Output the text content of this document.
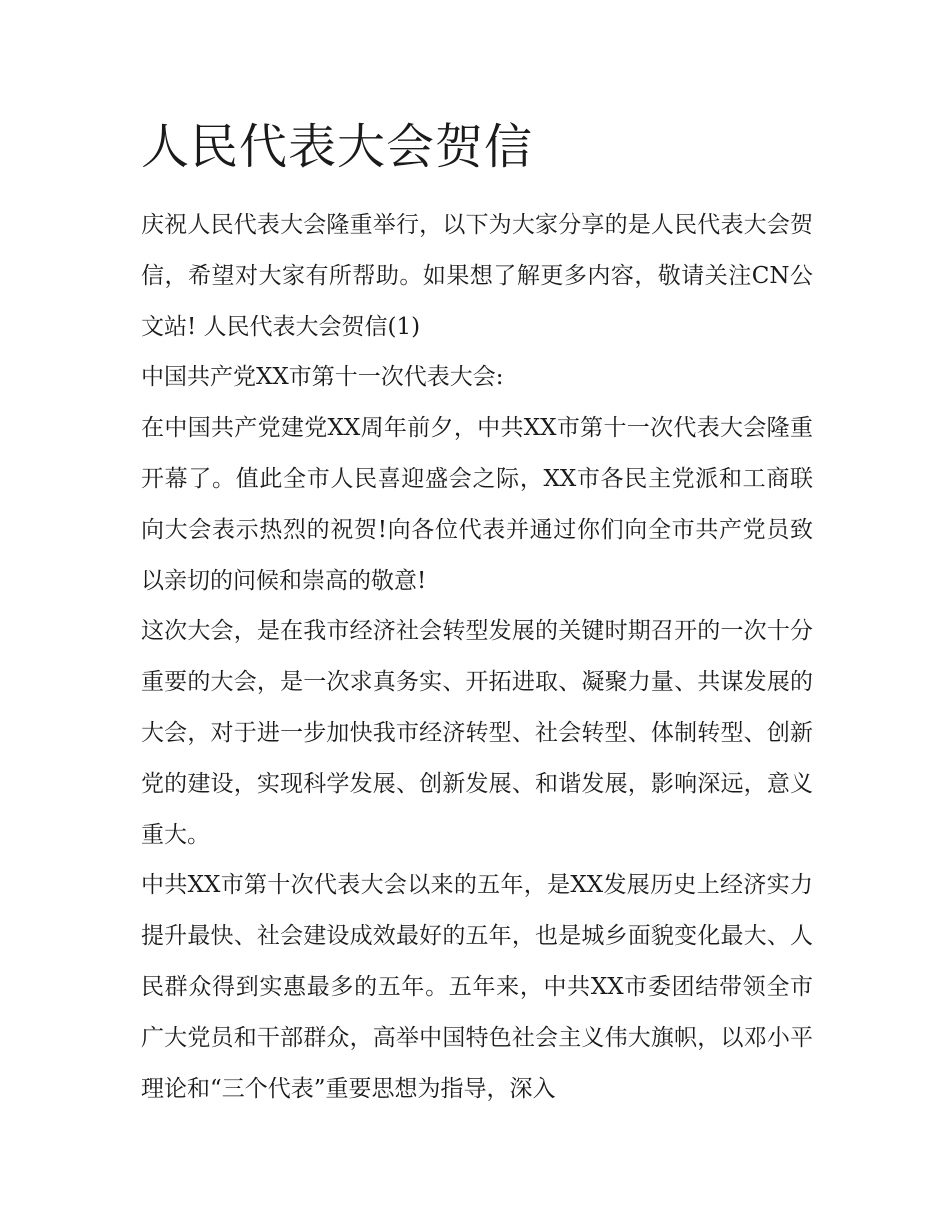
人民代表大会贺信

庆祝人民代表大会隆重举行，以下为大家分享的是人民代表大会贺信，希望对大家有所帮助。如果想了解更多内容，敬请关注CN公文站! 人民代表大会贺信(1)

中国共产党XX市第十一次代表大会:

在中国共产党建党XX周年前夕，中共XX市第十一次代表大会隆重开幕了。值此全市人民喜迎盛会之际，XX市各民主党派和工商联向大会表示热烈的祝贺!向各位代表并通过你们向全市共产党员致以亲切的问候和崇高的敬意!

这次大会，是在我市经济社会转型发展的关键时期召开的一次十分重要的大会，是一次求真务实、开拓进取、凝聚力量、共谋发展的大会，对于进一步加快我市经济转型、社会转型、体制转型、创新党的建设，实现科学发展、创新发展、和谐发展，影响深远，意义重大。

中共XX市第十次代表大会以来的五年，是XX发展历史上经济实力提升最快、社会建设成效最好的五年，也是城乡面貌变化最大、人民群众得到实惠最多的五年。五年来，中共XX市委团结带领全市广大党员和干部群众，高举中国特色社会主义伟大旗帜，以邓小平理论和“三个代表”重要思想为指导，深入
